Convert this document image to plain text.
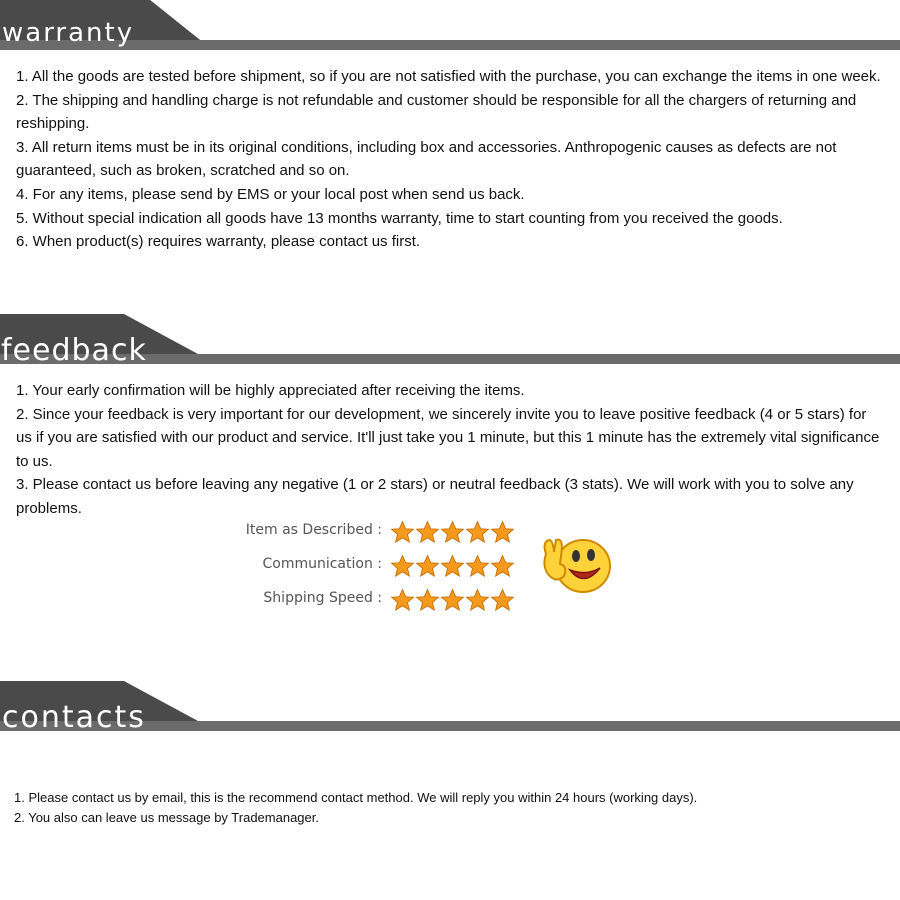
warranty

1. All the goods are tested before shipment, so if you are not satisfied with the purchase, you can exchange the items in one week.

2. The shipping and handling charge is not refundable and customer should be responsible for all the chargers of returning and reshipping.

3. All return items must be in its original conditions, including box and accessories. Anthropogenic causes as defects are not guaranteed, such as broken, scratched and so on.

4. For any items, please send by EMS or your local post when send us back.

5. Without special indication all goods have 13 months warranty, time to start counting from you received the goods.

6. When product(s) requires warranty, please contact us first.

feedback

1. Your early confirmation will be highly appreciated after receiving the items.

2. Since your feedback is very important for our development, we sincerely invite you to leave positive feedback (4 or 5 stars) for us if you are satisfied with our product and service. It'll just take you 1 minute, but this 1 minute has the extremely vital significance to us.

3. Please contact us before leaving any negative (1 or 2 stars) or neutral feedback (3 stats). We will work with you to solve any problems.

Item as Described :
Communication :
Shipping Speed :
contacts

1. Please contact us by email, this is the recommend contact method. We will reply you within 24 hours (working days).

2. You also can leave us message by Trademanager.
